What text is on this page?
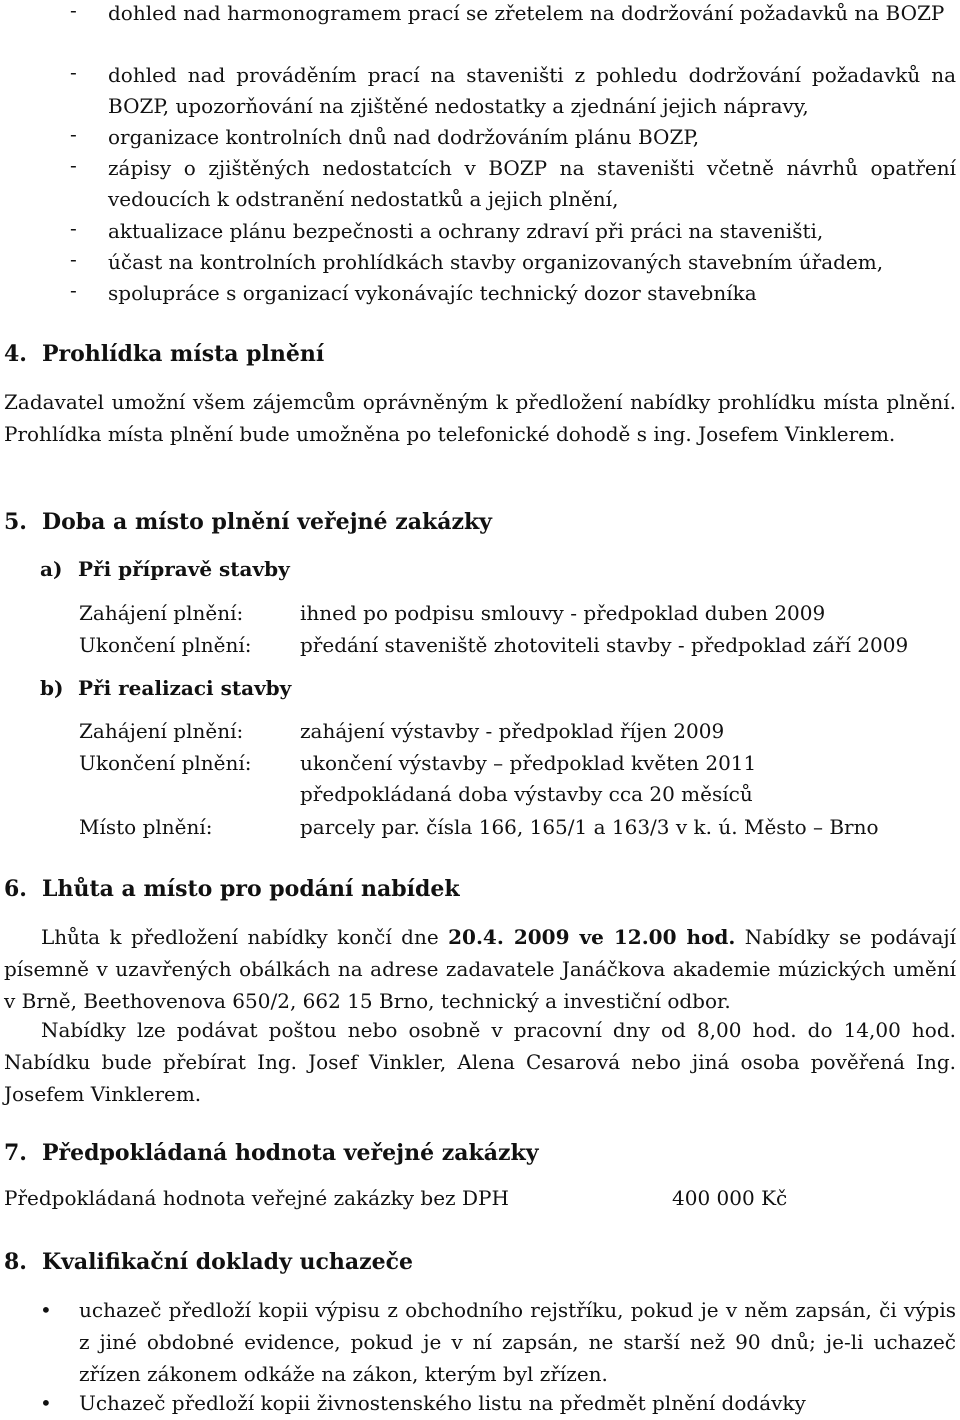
- dohled nad harmonogramem prací se zřetelem na dodržování požadavků na BOZP
- dohled nad prováděním prací na staveništi z pohledu dodržování požadavků na BOZP, upozorňování na zjištěné nedostatky a zjednání jejich nápravy,
- organizace kontrolních dnů nad dodržováním plánu BOZP,
- zápisy o zjištěných nedostatcích v BOZP na staveništi včetně návrhů opatření vedoucích k odstranění nedostatků a jejich plnění,
- aktualizace plánu bezpečnosti a ochrany zdraví při práci na staveništi,
- účast na kontrolních prohlídkách stavby organizovaných stavebním úřadem,
- spolupráce s organizací vykonávajíc technický dozor stavebníka
4. Prohlídka místa plnění
Zadavatel umožní všem zájemcům oprávněným k předložení nabídky prohlídku místa plnění. Prohlídka místa plnění bude umožněna po telefonické dohodě s ing. Josefem Vinklerem.
5. Doba a místo plnění veřejné zakázky
a) Při přípravě stavby
Zahájení plnění:	ihned po podpisu smlouvy - předpoklad duben 2009
Ukončení plnění: předání staveniště zhotoviteli stavby - předpoklad září 2009
b) Při realizaci stavby
Zahájení plnění:	zahájení výstavby - předpoklad říjen 2009
Ukončení plnění: ukončení výstavby – předpoklad květen 2011
předpokládaná doba výstavby cca 20 měsíců
Místo plnění:	parcely par. čísla 166, 165/1 a 163/3 v k. ú. Město – Brno
6. Lhůta a místo pro podání nabídek
Lhůta k předložení nabídky končí dne 20.4. 2009 ve 12.00 hod. Nabídky se podávají písemně v uzavřených obálkách na adrese zadavatele Janáčkova akademie múzických umění v Brně, Beethovenova 650/2, 662 15 Brno, technický a investiční odbor.
Nabídky lze podávat poštou nebo osobně v pracovní dny od 8,00 hod. do 14,00 hod. Nabídku bude přebírat Ing. Josef Vinkler, Alena Cesarová nebo jiná osoba pověřená Ing. Josefem Vinklerem.
7. Předpokládaná hodnota veřejné zakázky
Předpokládaná hodnota veřejné zakázky bez DPH	400 000 Kč
8. Kvalifikační doklady uchazeče
• uchazeč předloží kopii výpisu z obchodního rejstříku, pokud je v něm zapsán, či výpis z jiné obdobné evidence, pokud je v ní zapsán, ne starší než 90 dnů; je-li uchazeč zřízen zákonem odkáže na zákon, kterým byl zřízen.
• Uchazeč předloží kopii živnostenského listu na předmět plnění dodávky
